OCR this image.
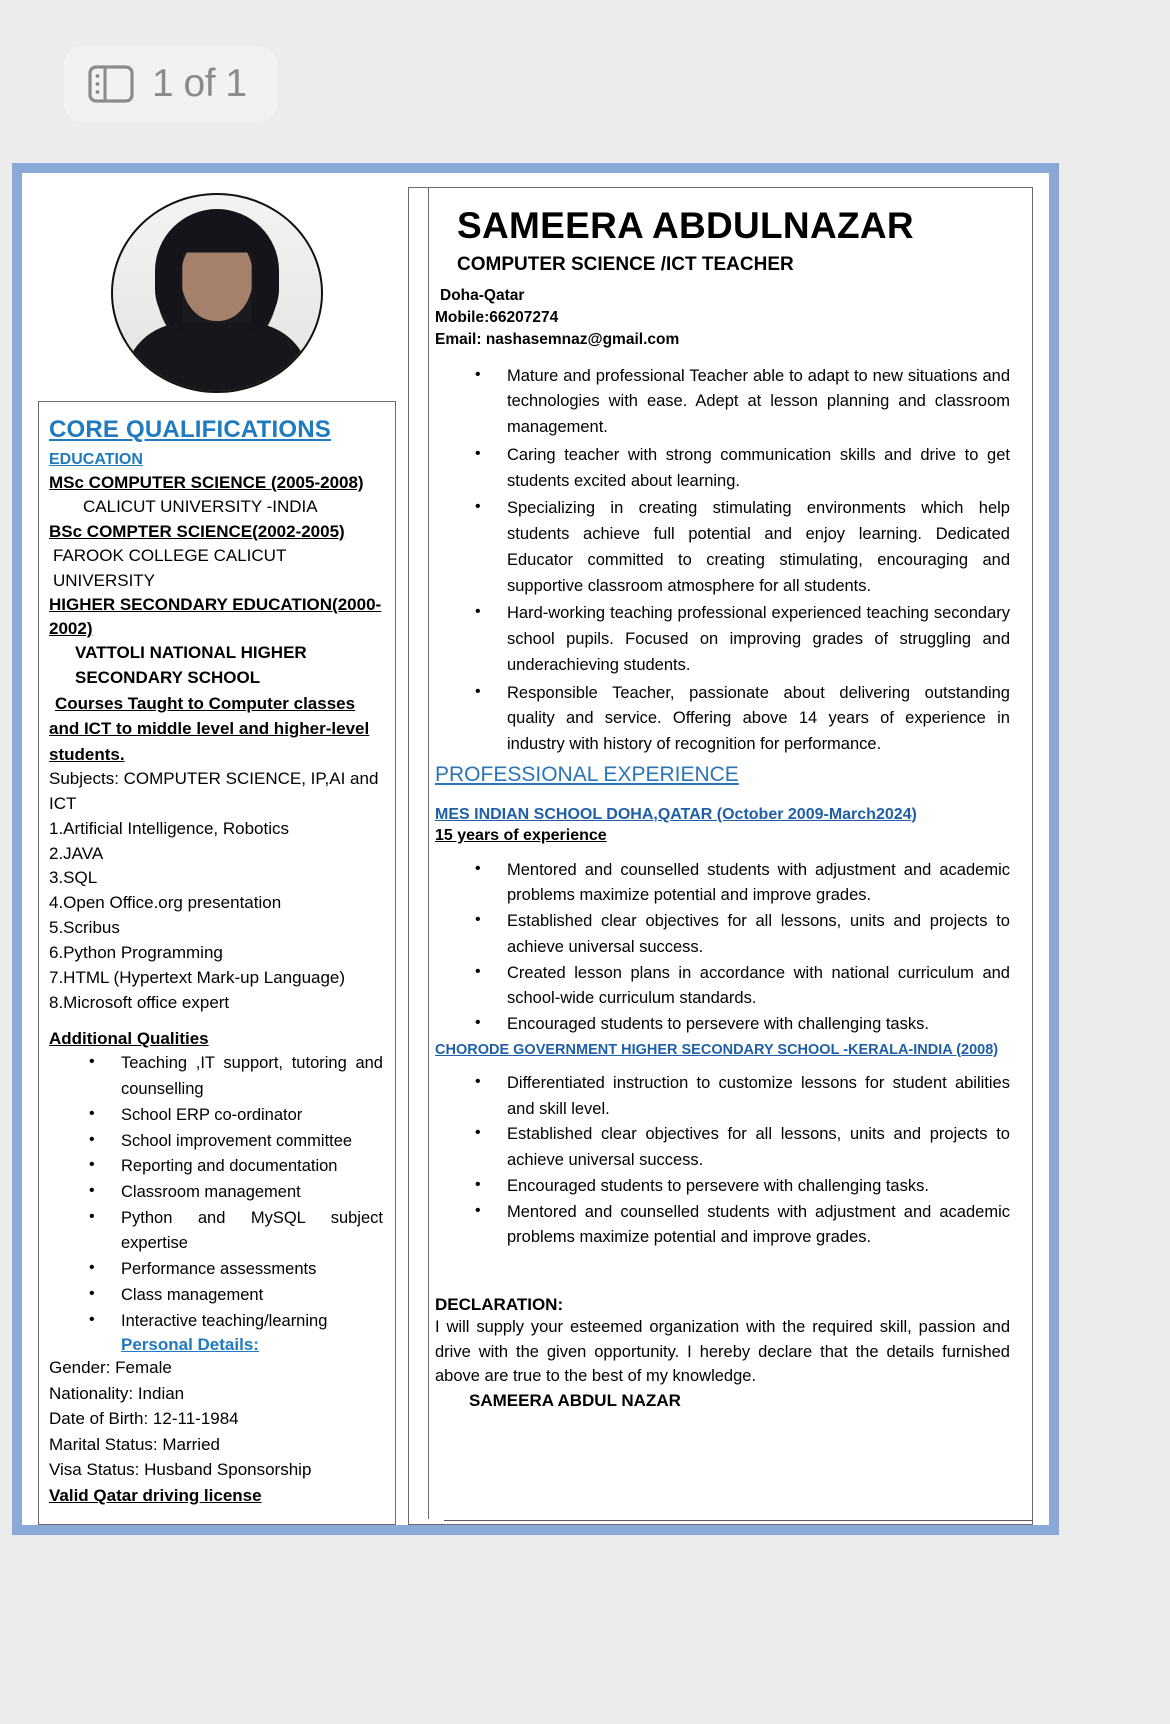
1 of 1
CORE QUALIFICATIONS
EDUCATION
MSc COMPUTER SCIENCE (2005-2008)
CALICUT UNIVERSITY -INDIA
BSc COMPTER SCIENCE(2002-2005)
FAROOK COLLEGE CALICUT UNIVERSITY
HIGHER SECONDARY EDUCATION(2000-
2002)
VATTOLI NATIONAL HIGHER
SECONDARY SCHOOL
Courses Taught to Computer classes
and ICT to middle level and higher-level
students.
Subjects: COMPUTER SCIENCE, IP,AI and ICT
1.Artificial Intelligence, Robotics
2.JAVA
3.SQL
4.Open Office.org presentation
5.Scribus
6.Python Programming
7.HTML (Hypertext Mark-up Language)
8.Microsoft office expert
Additional Qualities
• Teaching ,IT support, tutoring and counselling
• School ERP co-ordinator
• School improvement committee
• Reporting and documentation
• Classroom management
• Python and MySQL subject expertise
• Performance assessments
• Class management
• Interactive teaching/learning
Personal Details:
Gender: Female
Nationality: Indian
Date of Birth: 12-11-1984
Marital Status: Married
Visa Status: Husband Sponsorship
Valid Qatar driving license
SAMEERA ABDULNAZAR
COMPUTER SCIENCE /ICT TEACHER
Doha-Qatar
Mobile:66207274
Email: nashasemnaz@gmail.com
• Mature and professional Teacher able to adapt to new situations and technologies with ease. Adept at lesson planning and classroom management.
• Caring teacher with strong communication skills and drive to get students excited about learning.
• Specializing in creating stimulating environments which help students achieve full potential and enjoy learning. Dedicated Educator committed to creating stimulating, encouraging and supportive classroom atmosphere for all students.
• Hard-working teaching professional experienced teaching secondary school pupils. Focused on improving grades of struggling and underachieving students.
• Responsible Teacher, passionate about delivering outstanding quality and service. Offering above 14 years of experience in industry with history of recognition for performance.
PROFESSIONAL EXPERIENCE
MES INDIAN SCHOOL DOHA,QATAR (October 2009-March2024)
15 years of experience
• Mentored and counselled students with adjustment and academic problems maximize potential and improve grades.
• Established clear objectives for all lessons, units and projects to achieve universal success.
• Created lesson plans in accordance with national curriculum and school-wide curriculum standards.
• Encouraged students to persevere with challenging tasks.
CHORODE GOVERNMENT HIGHER SECONDARY SCHOOL -KERALA-INDIA (2008)
• Differentiated instruction to customize lessons for student abilities and skill level.
• Established clear objectives for all lessons, units and projects to achieve universal success.
• Encouraged students to persevere with challenging tasks.
• Mentored and counselled students with adjustment and academic problems maximize potential and improve grades.
DECLARATION:
I will supply your esteemed organization with the required skill, passion and drive with the given opportunity. I hereby declare that the details furnished above are true to the best of my knowledge.
SAMEERA ABDUL NAZAR
